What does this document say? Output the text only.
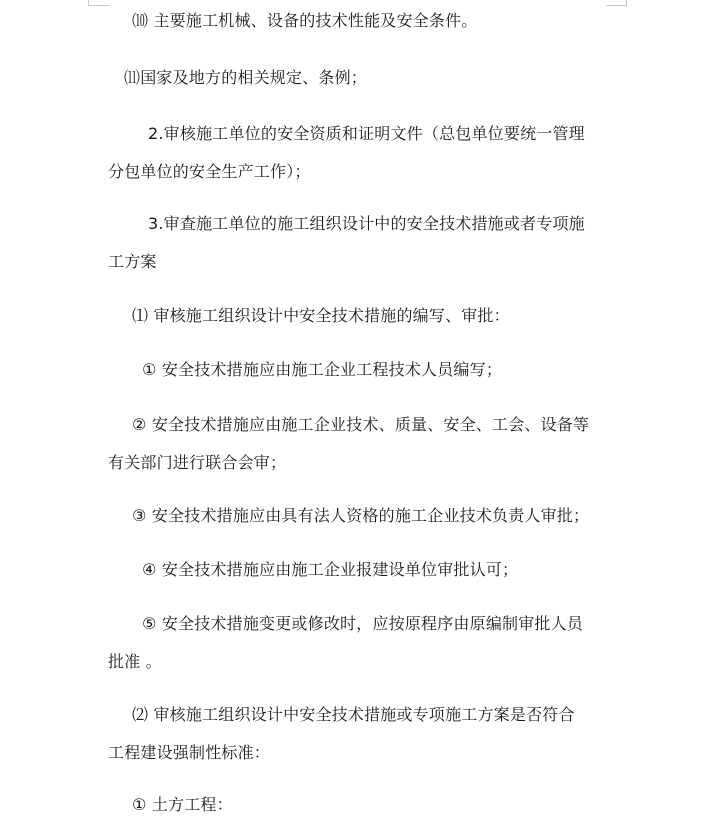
⑽ 主要施工机械、设备的技术性能及安全条件。

⑾国家及地方的相关规定、条例；

2.审核施工单位的安全资质和证明文件（总包单位要统一管理
分包单位的安全生产工作）；

3.审查施工单位的施工组织设计中的安全技术措施或者专项施
工方案

⑴ 审核施工组织设计中安全技术措施的编写、审批：

① 安全技术措施应由施工企业工程技术人员编写；

② 安全技术措施应由施工企业技术、质量、安全、工会、设备等
有关部门进行联合会审；

③ 安全技术措施应由具有法人资格的施工企业技术负责人审批；

④ 安全技术措施应由施工企业报建设单位审批认可；

⑤ 安全技术措施变更或修改时，应按原程序由原编制审批人员
批准 。

⑵ 审核施工组织设计中安全技术措施或专项施工方案是否符合
工程建设强制性标准：

① 土方工程：
